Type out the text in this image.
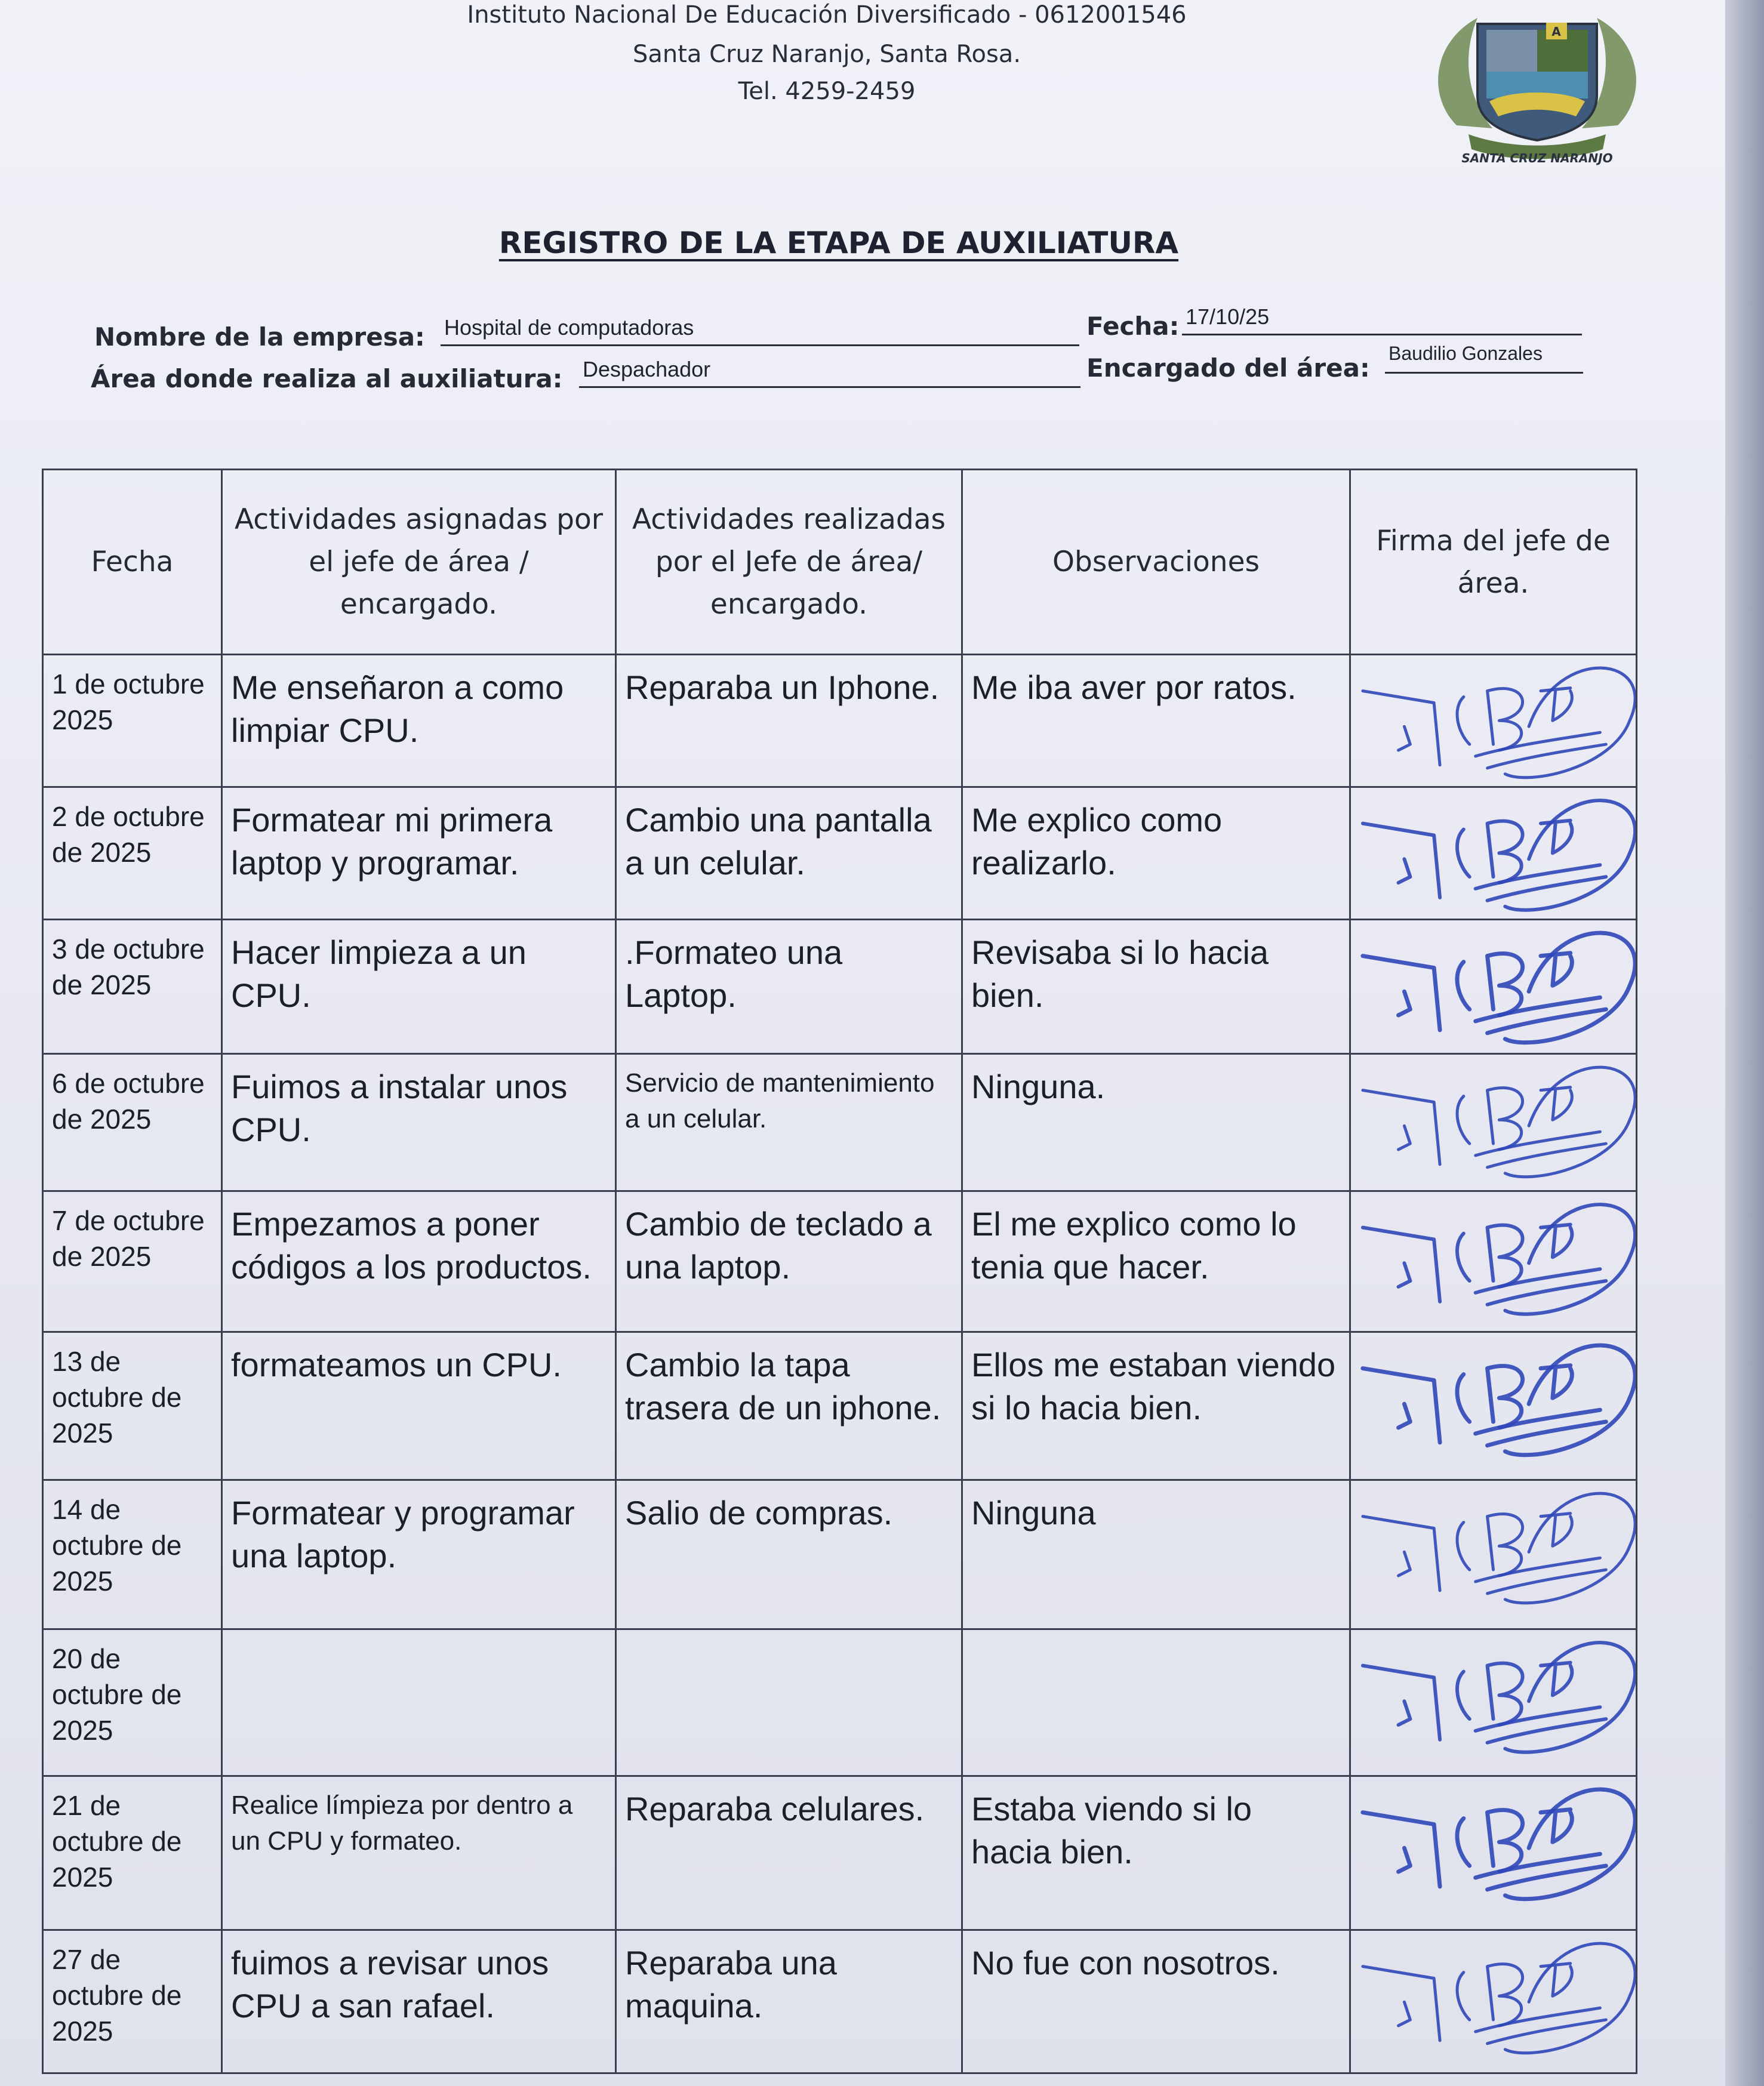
Instituto Nacional De Educación Diversificado - 0612001546
Santa Cruz Naranjo, Santa Rosa.
Tel. 4259-2459
A
SANTA CRUZ NARANJO
REGISTRO DE LA ETAPA DE AUXILIATURA
Nombre de la empresa: Hospital de computadoras	Fecha: 17/10/25
Área donde realiza al auxiliatura: Despachador	Encargado del área: Baudilio Gonzales
Fecha	Actividades asignadas por el jefe de área / encargado.	Actividades realizadas por el Jefe de área/ encargado.	Observaciones	Firma del jefe de área.
1 de octubre 2025	Me enseñaron a como limpiar CPU.	Reparaba un Iphone.	Me iba aver por ratos.	

2 de octubre de 2025	Formatear mi primera laptop y programar.	Cambio una pantalla a un celular.	Me explico como realizarlo.	

3 de octubre de 2025	Hacer limpieza a un CPU.	.Formateo una Laptop.	Revisaba si lo hacia bien.	

6 de octubre de 2025	Fuimos a instalar unos CPU.	Servicio de mantenimiento a un celular.	Ninguna.	

7 de octubre de 2025	Empezamos a poner códigos a los productos.	Cambio de teclado a una laptop.	El me explico como lo tenia que hacer.	

13 de octubre de 2025	formateamos un CPU.	Cambio la tapa trasera de un iphone.	Ellos me estaban viendo si lo hacia bien.	

14 de octubre de 2025	Formatear y programar una laptop.	Salio de compras.	Ninguna	

20 de octubre de 2025				

21 de octubre de 2025	Realice límpieza por dentro a un CPU y formateo.	Reparaba celulares.	Estaba viendo si lo hacia bien.	

27 de octubre de 2025	fuimos a revisar unos CPU a san rafael.	Reparaba una maquina.	No fue con nosotros.	
